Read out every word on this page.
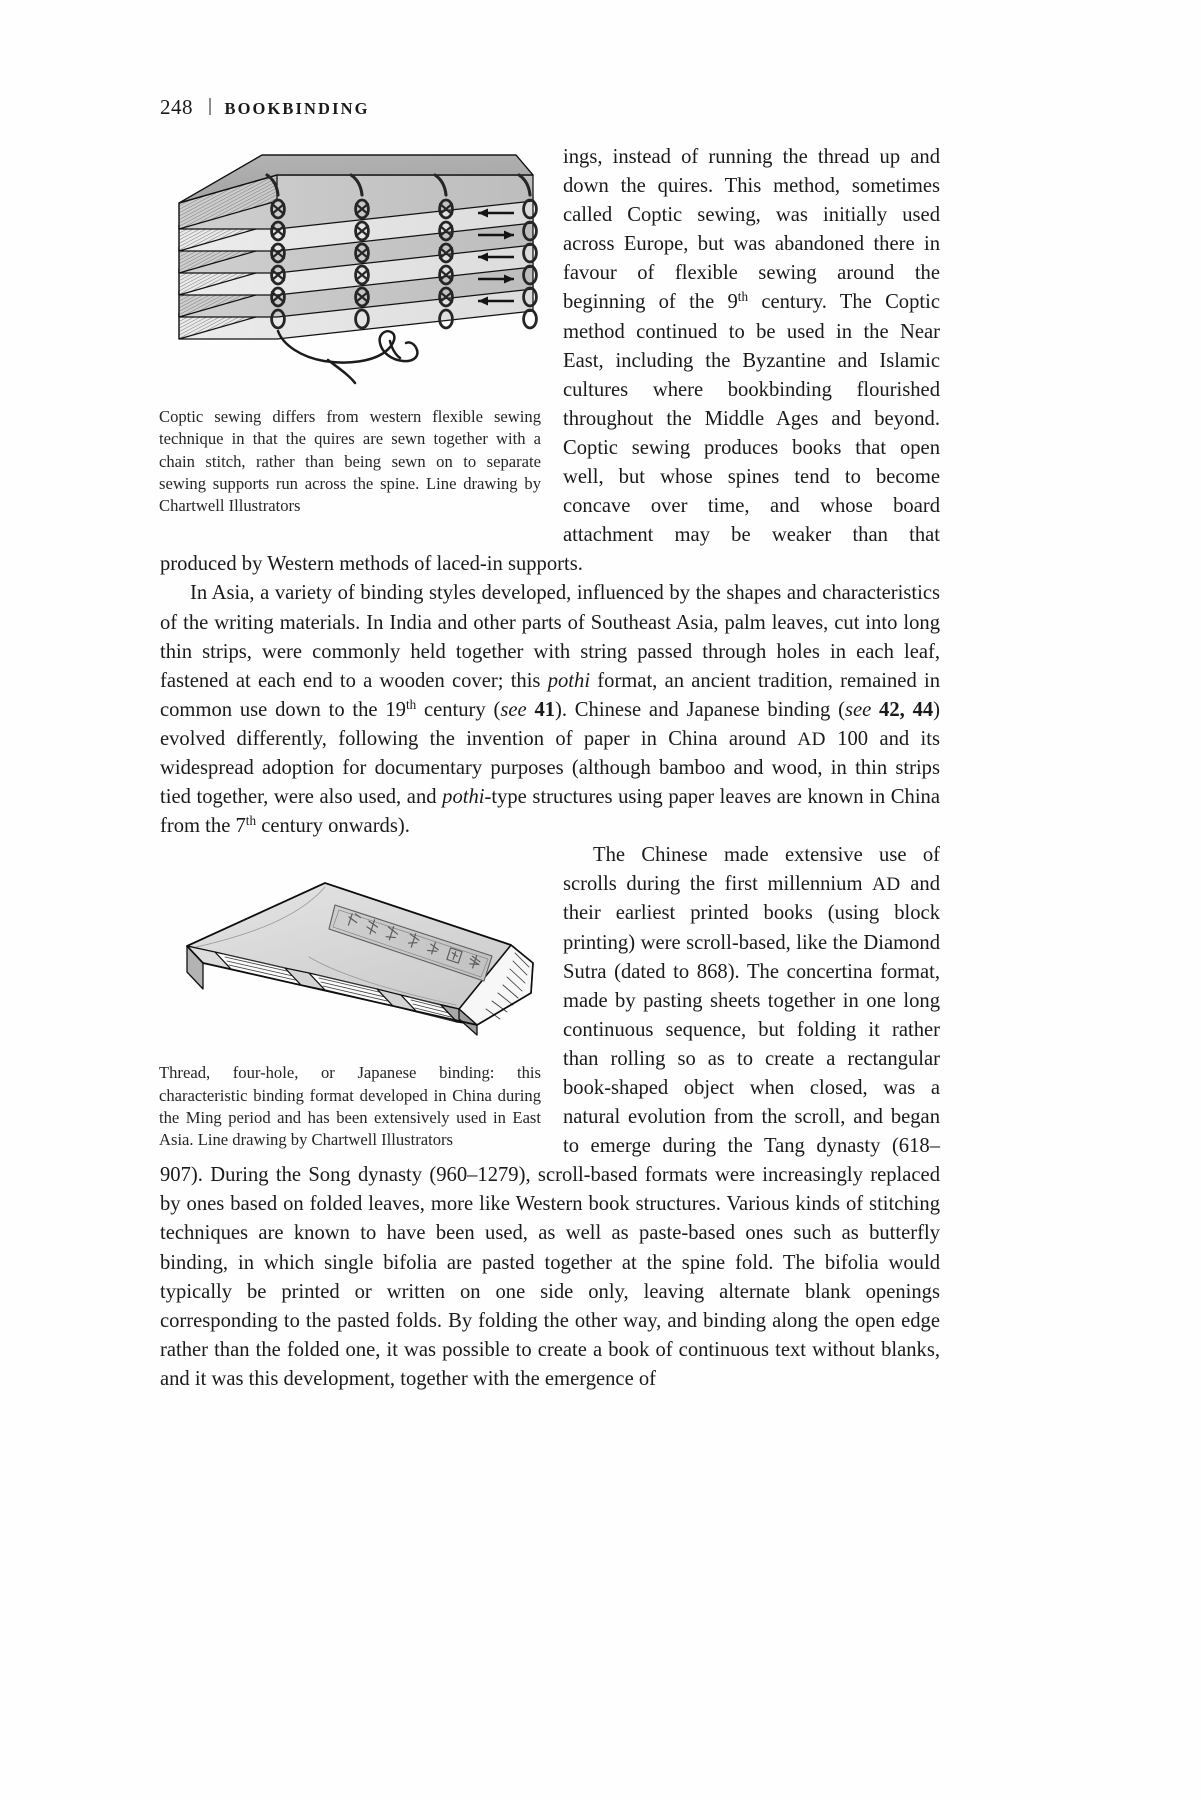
248 BOOKBINDING

Coptic sewing differs from western flexible sewing technique in that the quires are sewn together with a chain stitch, rather than being sewn on to separate sewing supports run across the spine. Line drawing by Chartwell Illustrators

ings, instead of running the thread up and down the quires. This method, sometimes called Coptic sewing, was initially used across Europe, but was abandoned there in favour of flexible sewing around the beginning of the 9th century. The Coptic method continued to be used in the Near East, including the Byzantine and Islamic cultures where bookbinding flourished throughout the Middle Ages and beyond. Coptic sewing produces books that open well, but whose spines tend to become concave over time, and whose board attachment may be weaker than that produced by Western methods of laced-in supports.

In Asia, a variety of binding styles developed, influenced by the shapes and characteristics of the writing materials. In India and other parts of Southeast Asia, palm leaves, cut into long thin strips, were commonly held together with string passed through holes in each leaf, fastened at each end to a wooden cover; this pothi format, an ancient tradition, remained in common use down to the 19th century (see 41). Chinese and Japanese binding (see 42, 44) evolved differently, following the invention of paper in China around AD 100 and its widespread adoption for documentary purposes (although bamboo and wood, in thin strips tied together, were also used, and pothi-type structures using paper leaves are known in China from the 7th century onwards).

Thread, four-hole, or Japanese binding: this characteristic binding format developed in China during the Ming period and has been extensively used in East Asia. Line drawing by Chartwell Illustrators

The Chinese made extensive use of scrolls during the first millennium AD and their earliest printed books (using block printing) were scroll-based, like the Diamond Sutra (dated to 868). The concertina format, made by pasting sheets together in one long continuous sequence, but folding it rather than rolling so as to create a rectangular book-shaped object when closed, was a natural evolution from the scroll, and began to emerge during the Tang dynasty (618–907). During the Song dynasty (960–1279), scroll-based formats were increasingly replaced by ones based on folded leaves, more like Western book structures. Various kinds of stitching techniques are known to have been used, as well as paste-based ones such as butterfly binding, in which single bifolia are pasted together at the spine fold. The bifolia would typically be printed or written on one side only, leaving alternate blank openings corresponding to the pasted folds. By folding the other way, and binding along the open edge rather than the folded one, it was possible to create a book of continuous text without blanks, and it was this development, together with the emergence of
